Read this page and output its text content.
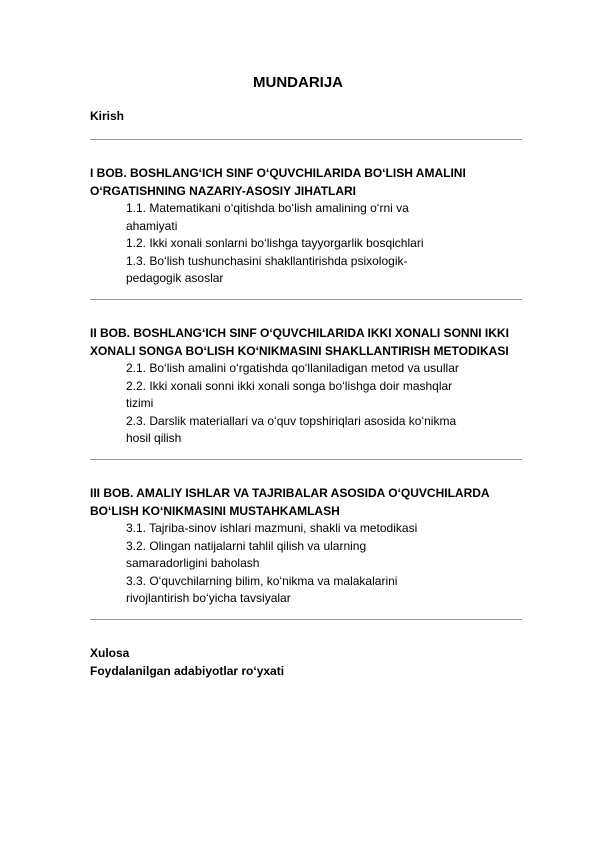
MUNDARIJA
Kirish
I BOB. BOSHLANG‘ICH SINF O‘QUVCHILARIDA BO‘LISH AMALINI
O‘RGATISHNING NAZARIY-ASOSIY JIHATLARI
1.1. Matematikani o‘qitishda bo‘lish amalining o‘rni va
ahamiyati
1.2. Ikki xonali sonlarni bo‘lishga tayyorgarlik bosqichlari
1.3. Bo‘lish tushunchasini shakllantirishda psixologik-
pedagogik asoslar
II BOB. BOSHLANG‘ICH SINF O‘QUVCHILARIDA IKKI XONALI SONNI IKKI
XONALI SONGA BO‘LISH KO‘NIKMASINI SHAKLLANTIRISH METODIKASI
2.1. Bo‘lish amalini o‘rgatishda qo‘llaniladigan metod va usullar
2.2. Ikki xonali sonni ikki xonali songa bo‘lishga doir mashqlar
tizimi
2.3. Darslik materiallari va o‘quv topshiriqlari asosida ko‘nikma
hosil qilish
III BOB. AMALIY ISHLAR VA TAJRIBALAR ASOSIDA O‘QUVCHILARDA
BO‘LISH KO‘NIKMASINI MUSTAHKAMLASH
3.1. Tajriba-sinov ishlari mazmuni, shakli va metodikasi
3.2. Olingan natijalarni tahlil qilish va ularning
samaradorligini baholash
3.3. O‘quvchilarning bilim, ko‘nikma va malakalarini
rivojlantirish bo‘yicha tavsiyalar
Xulosa
Foydalanilgan adabiyotlar ro‘yxati
